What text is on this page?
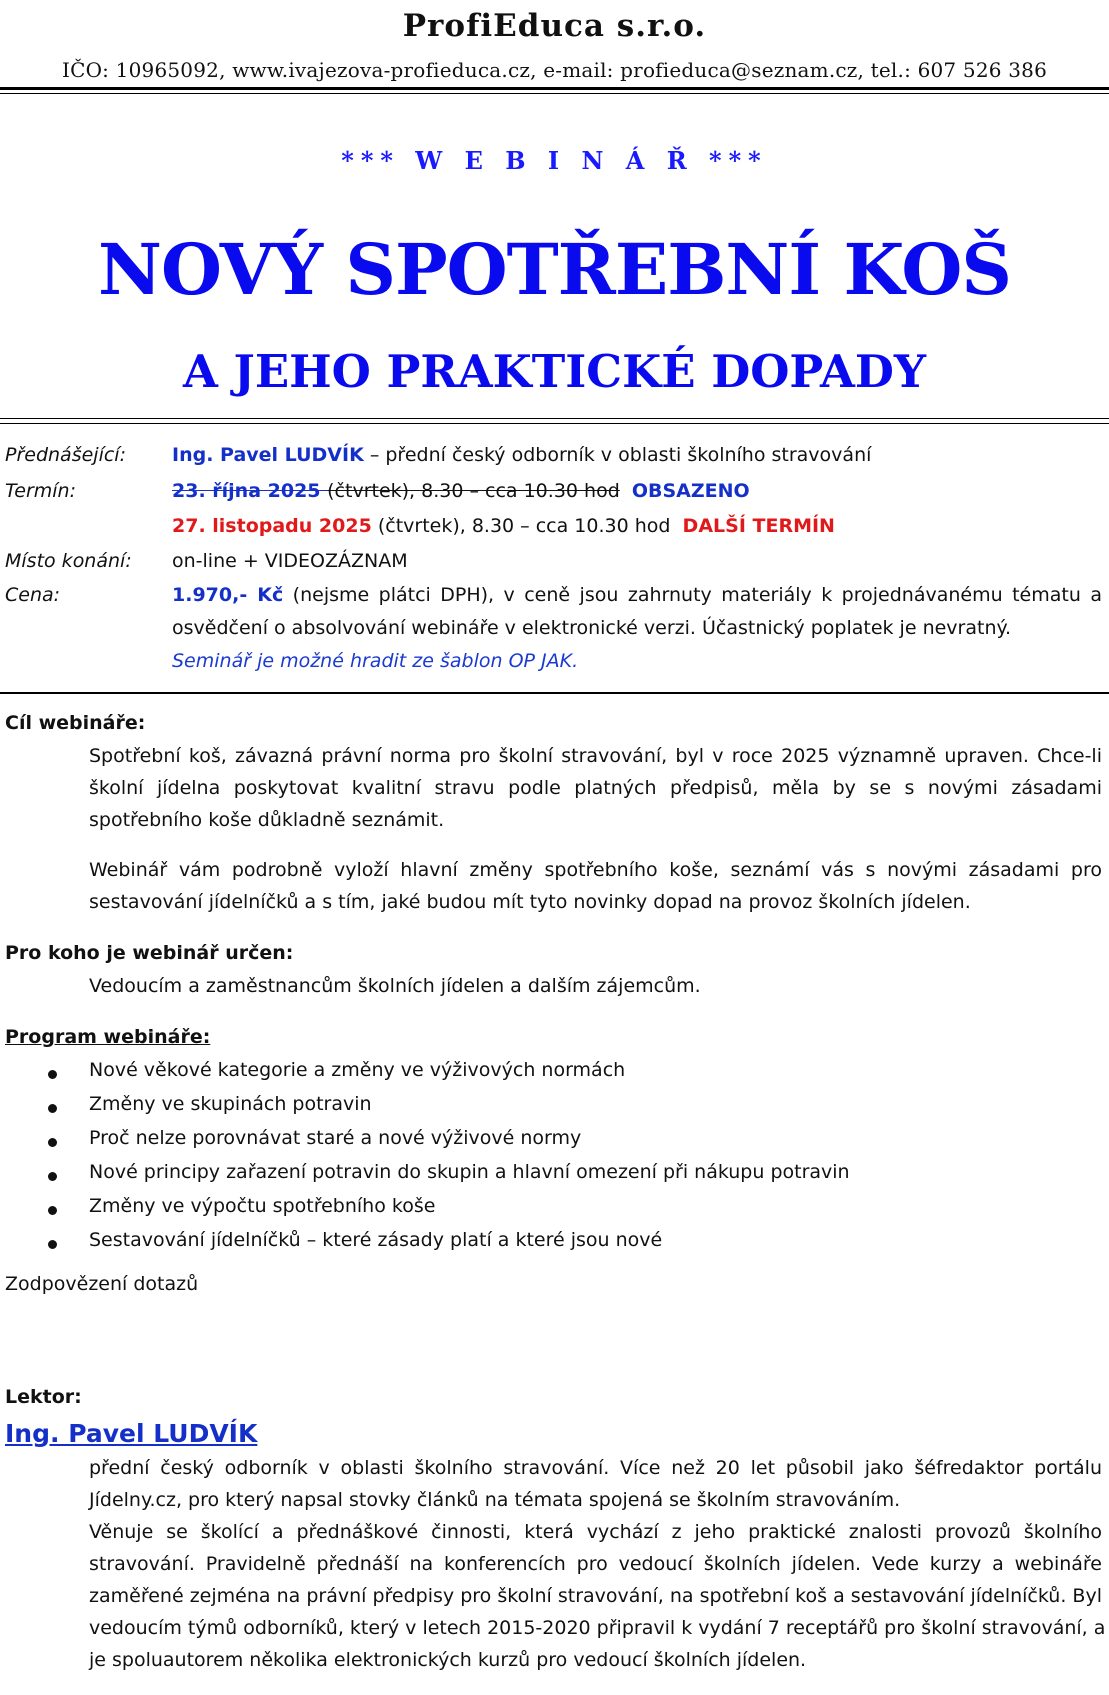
ProfiEduca s.r.o.
IČO: 10965092, www.ivajezova-profieduca.cz, e-mail: profieduca@seznam.cz, tel.: 607 526 386
*** W E B I N Á Ř ***
NOVÝ SPOTŘEBNÍ KOŠ
A JEHO PRAKTICKÉ DOPADY
Přednášející: Ing. Pavel LUDVÍK – přední český odborník v oblasti školního stravování
Termín:	23. října 2025 (čtvrtek), 8.30 – cca 10.30 hod OBSAZENO
27. listopadu 2025 (čtvrtek), 8.30 – cca 10.30 hod DALŠÍ TERMÍN
Místo konání: on-line + VIDEOZÁZNAM
Cena:	1.970,- Kč (nejsme plátci DPH), v ceně jsou zahrnuty materiály k projednávanému tématu a
osvědčení o absolvování webináře v elektronické verzi. Účastnický poplatek je nevratný.
Seminář je možné hradit ze šablon OP JAK.
Cíl webináře:
Spotřební koš, závazná právní norma pro školní stravování, byl v roce 2025 významně upraven. Chce-li
školní jídelna poskytovat kvalitní stravu podle platných předpisů, měla by se s novými zásadami
spotřebního koše důkladně seznámit.
Webinář vám podrobně vyloží hlavní změny spotřebního koše, seznámí vás s novými zásadami pro
sestavování jídelníčků a s tím, jaké budou mít tyto novinky dopad na provoz školních jídelen.
Pro koho je webinář určen:
Vedoucím a zaměstnancům školních jídelen a dalším zájemcům.
Program webináře:
Nové věkové kategorie a změny ve výživových normách
Změny ve skupinách potravin
Proč nelze porovnávat staré a nové výživové normy
Nové principy zařazení potravin do skupin a hlavní omezení při nákupu potravin
Změny ve výpočtu spotřebního koše
Sestavování jídelníčků – které zásady platí a které jsou nové
Zodpovězení dotazů
Lektor:
Ing. Pavel LUDVÍK
přední český odborník v oblasti školního stravování. Více než 20 let působil jako šéfredaktor portálu
Jídelny.cz, pro který napsal stovky článků na témata spojená se školním stravováním.
Věnuje se školící a přednáškové činnosti, která vychází z jeho praktické znalosti provozů školního
stravování. Pravidelně přednáší na konferencích pro vedoucí školních jídelen. Vede kurzy a webináře
zaměřené zejména na právní předpisy pro školní stravování, na spotřební koš a sestavování jídelníčků. Byl
vedoucím týmů odborníků, který v letech 2015-2020 připravil k vydání 7 receptářů pro školní stravování, a
je spoluautorem několika elektronických kurzů pro vedoucí školních jídelen.
